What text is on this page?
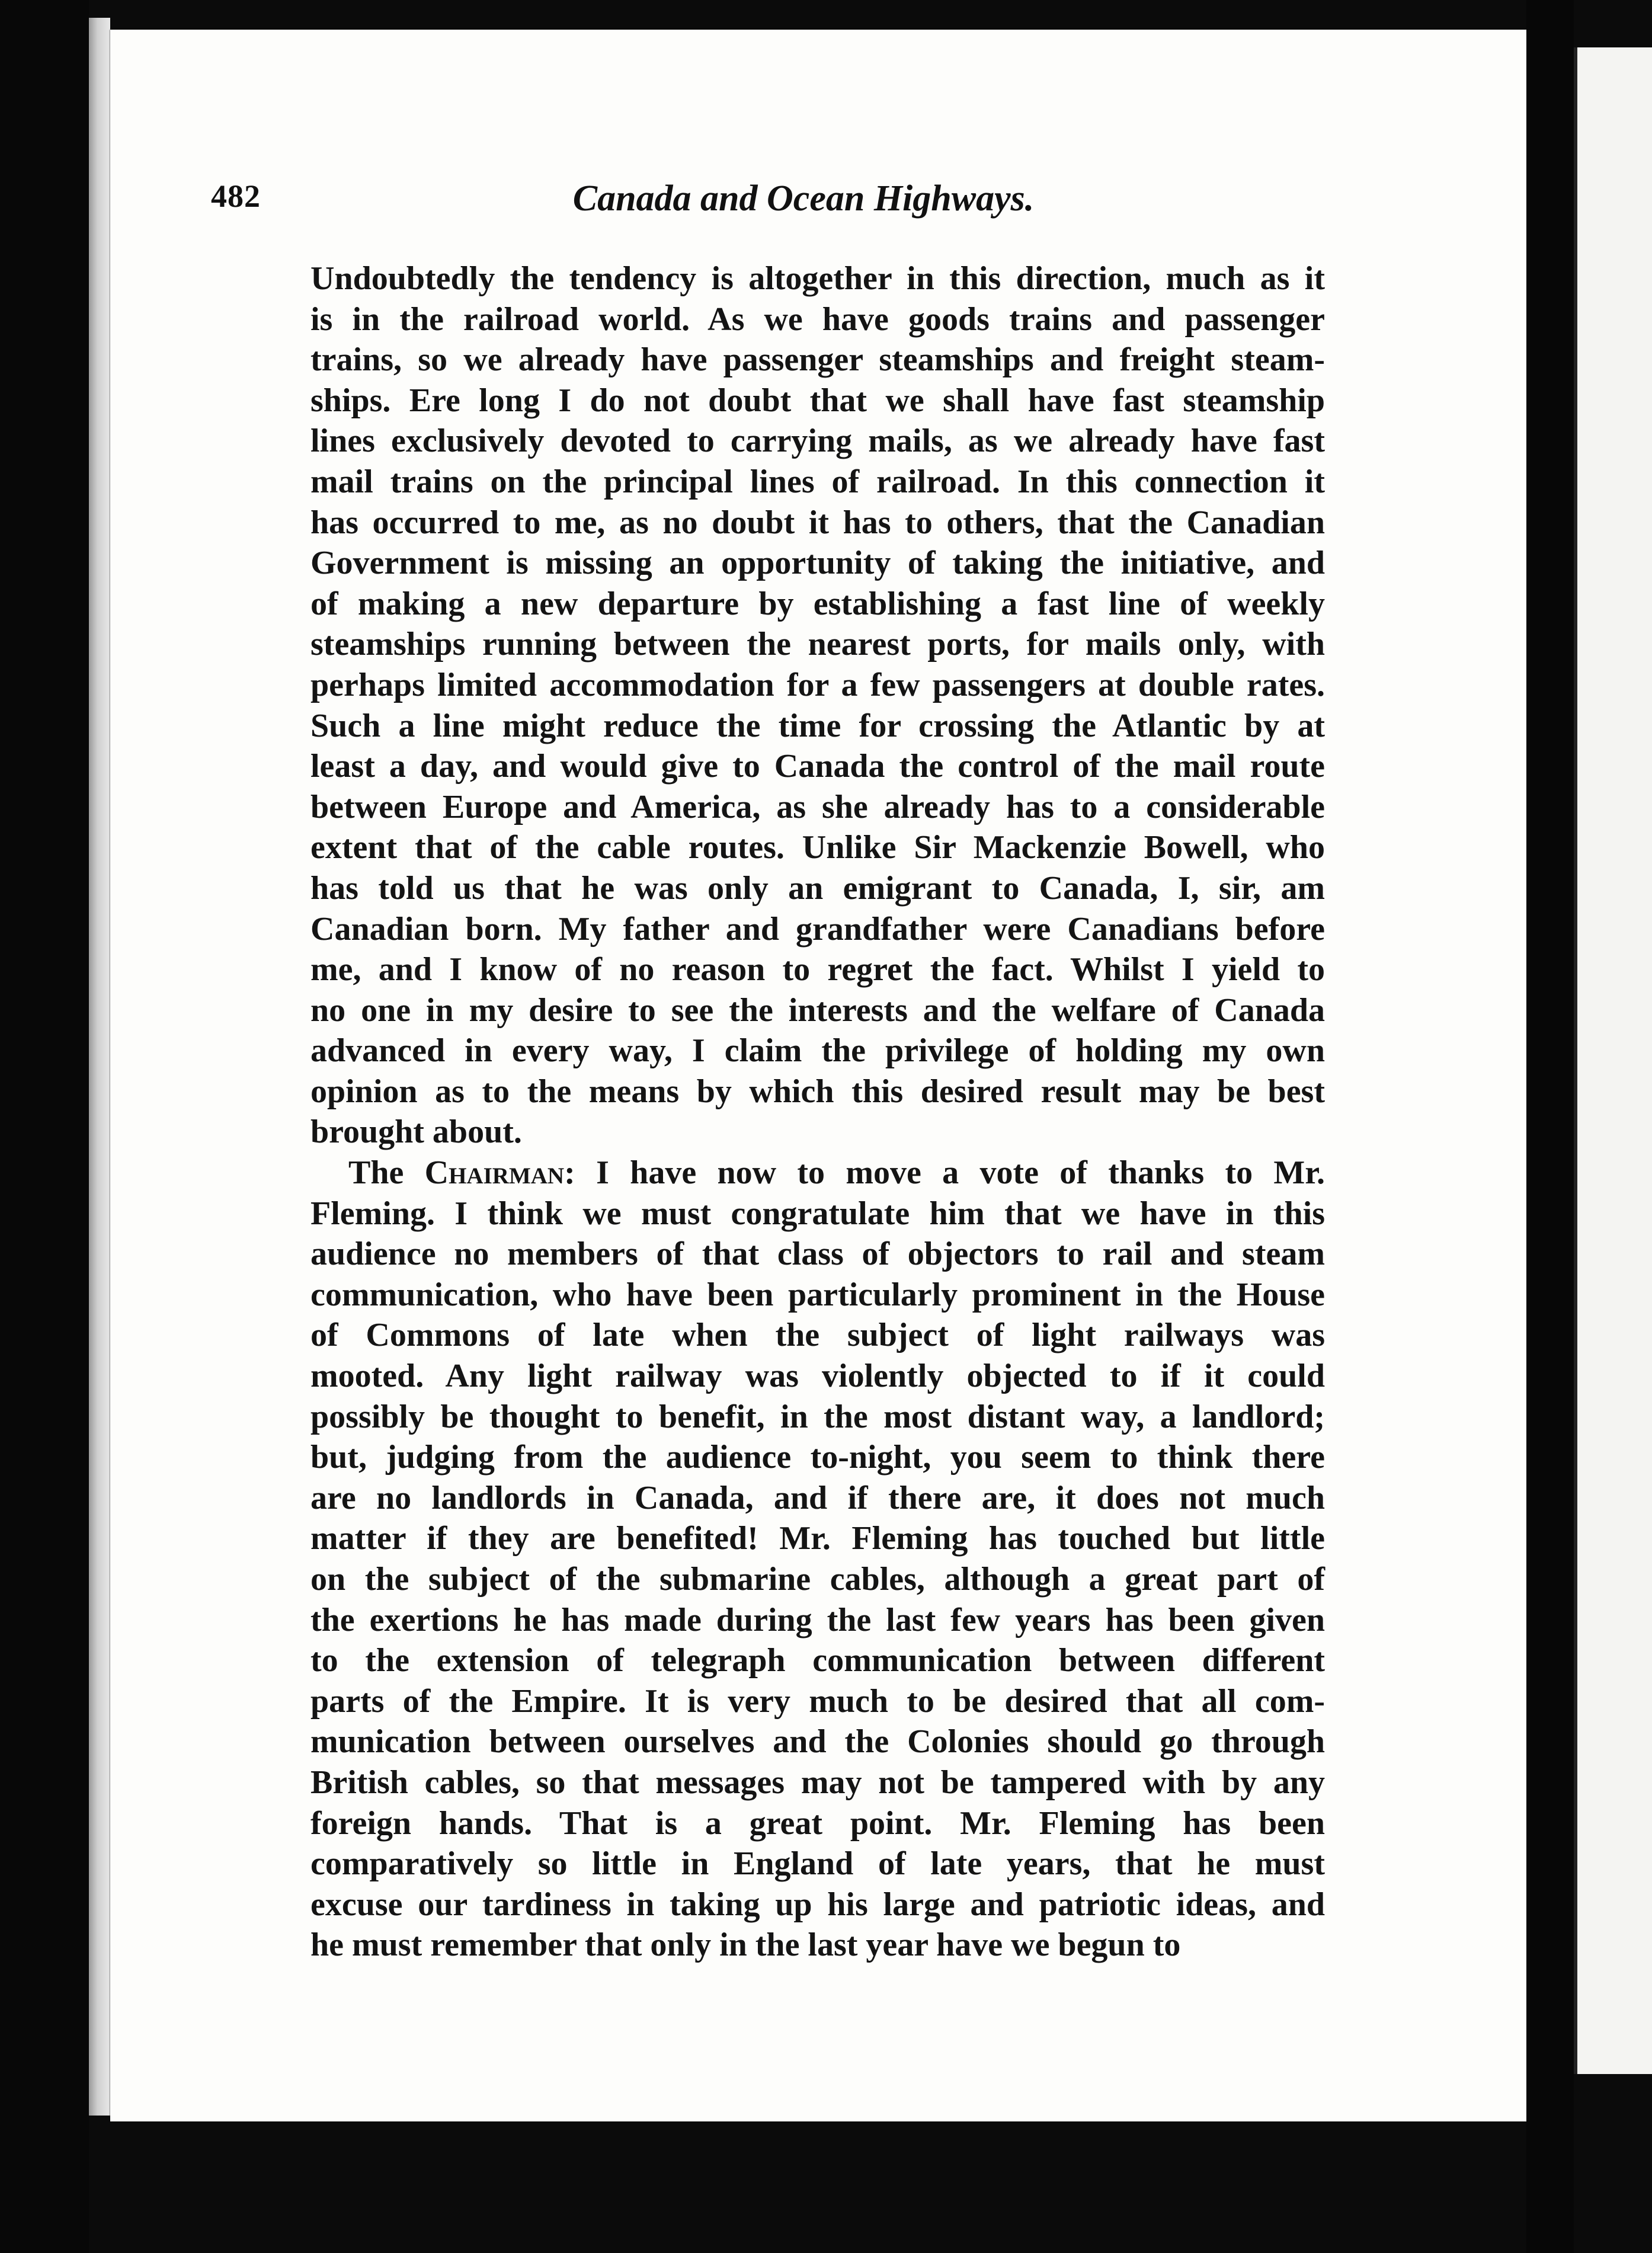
482	Canada and Ocean Highways.
Undoubtedly the tendency is altogether in this direction, much as it
is in the railroad world. As we have goods trains and passenger
trains, so we already have passenger steamships and freight steam-
ships. Ere long I do not doubt that we shall have fast steamship
lines exclusively devoted to carrying mails, as we already have fast
mail trains on the principal lines of railroad. In this connection it
has occurred to me, as no doubt it has to others, that the Canadian
Government is missing an opportunity of taking the initiative, and
of making a new departure by establishing a fast line of weekly
steamships running between the nearest ports, for mails only, with
perhaps limited accommodation for a few passengers at double rates.
Such a line might reduce the time for crossing the Atlantic by at
least a day, and would give to Canada the control of the mail route
between Europe and America, as she already has to a considerable
extent that of the cable routes. Unlike Sir Mackenzie Bowell, who
has told us that he was only an emigrant to Canada, I, sir, am
Canadian born. My father and grandfather were Canadians before
me, and I know of no reason to regret the fact. Whilst I yield to
no one in my desire to see the interests and the welfare of Canada
advanced in every way, I claim the privilege of holding my own
opinion as to the means by which this desired result may be best
brought about.
The Chairman: I have now to move a vote of thanks to Mr.
Fleming. I think we must congratulate him that we have in this
audience no members of that class of objectors to rail and steam
communication, who have been particularly prominent in the House
of Commons of late when the subject of light railways was
mooted. Any light railway was violently objected to if it could
possibly be thought to benefit, in the most distant way, a landlord;
but, judging from the audience to-night, you seem to think there
are no landlords in Canada, and if there are, it does not much
matter if they are benefited! Mr. Fleming has touched but little
on the subject of the submarine cables, although a great part of
the exertions he has made during the last few years has been given
to the extension of telegraph communication between different
parts of the Empire. It is very much to be desired that all com-
munication between ourselves and the Colonies should go through
British cables, so that messages may not be tampered with by any
foreign hands. That is a great point. Mr. Fleming has been
comparatively so little in England of late years, that he must
excuse our tardiness in taking up his large and patriotic ideas, and
he must remember that only in the last year have we begun to
